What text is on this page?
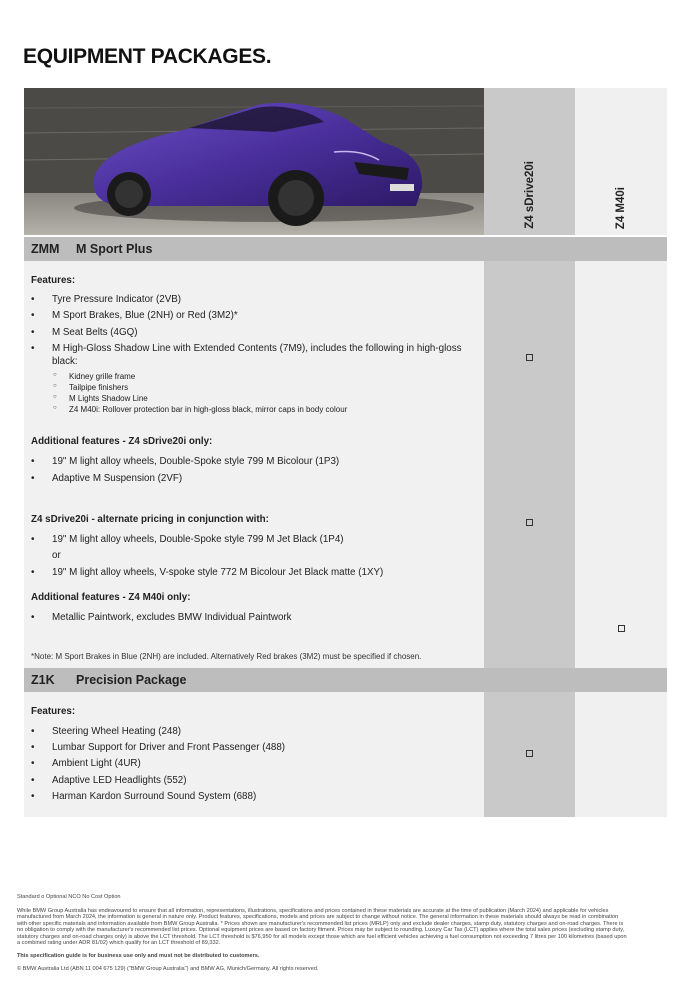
EQUIPMENT PACKAGES.
Z4 sDrive20i	Z4 M40i
ZMM M Sport Plus
Features:
• Tyre Pressure Indicator (2VB)
• M Sport Brakes, Blue (2NH) or Red (3M2)*
• M Seat Belts (4GQ)
• M High-Gloss Shadow Line with Extended Contents (7M9), includes the following in high-gloss
black:
○ Kidney grille frame
○ Tailpipe finishers
○ M Lights Shadow Line
○ Z4 M40i: Rollover protection bar in high-gloss black, mirror caps in body colour
Additional features - Z4 sDrive20i only:
• 19" M light alloy wheels, Double-Spoke style 799 M Bicolour (1P3)
• Adaptive M Suspension (2VF)
Z4 sDrive20i - alternate pricing in conjunction with:
• 19" M light alloy wheels, Double-Spoke style 799 M Jet Black (1P4)
or
• 19" M light alloy wheels, V-spoke style 772 M Bicolour Jet Black matte (1XY)
Additional features - Z4 M40i only:
• Metallic Paintwork, excludes BMW Individual Paintwork
*Note: M Sport Brakes in Blue (2NH) are included. Alternatively Red brakes (3M2) must be specified if chosen.
Z1K Precision Package
Features:
• Steering Wheel Heating (248)
• Lumbar Support for Driver and Front Passenger (488)
• Ambient Light (4UR)
• Adaptive LED Headlights (552)
• Harman Kardon Surround Sound System (688)
Standard o Optional NCO No Cost Option
While BMW Group Australia has endeavoured to ensure that all information, representations, illustrations, specifications and prices contained in these materials are accurate at the time of publication (March 2024) and applicable for vehicles
manufactured from March 2024, the information is general in nature only. Product features, specifications, models and prices are subject to change without notice. The general information in these materials should always be read in combination
with other specific materials and information available from BMW Group Australia. * Prices shown are manufacturer's recommended list prices (MRLP) only and exclude dealer charges, stamp duty, statutory charges and on-road charges. There is
no obligation to comply with the manufacturer's recommended list prices. Optional equipment prices are based on factory fitment. Prices may be subject to rounding. Luxury Car Tax (LCT) applies where the total sales prices (excluding stamp duty,
statutory charges and on-road charges only) is above the LCT threshold. The LCT threshold is $76,950 for all models except those which are fuel efficient vehicles achieving a fuel consumption not exceeding 7 litres per 100 kilometres (based upon
a combined rating under ADR 81/02) which qualify for an LCT threshold of 89,332.
This specification guide is for business use only and must not be distributed to customers.
© BMW Australia Ltd (ABN 11 004 675 129) ("BMW Group Australia") and BMW AG, Munich/Germany. All rights reserved.
